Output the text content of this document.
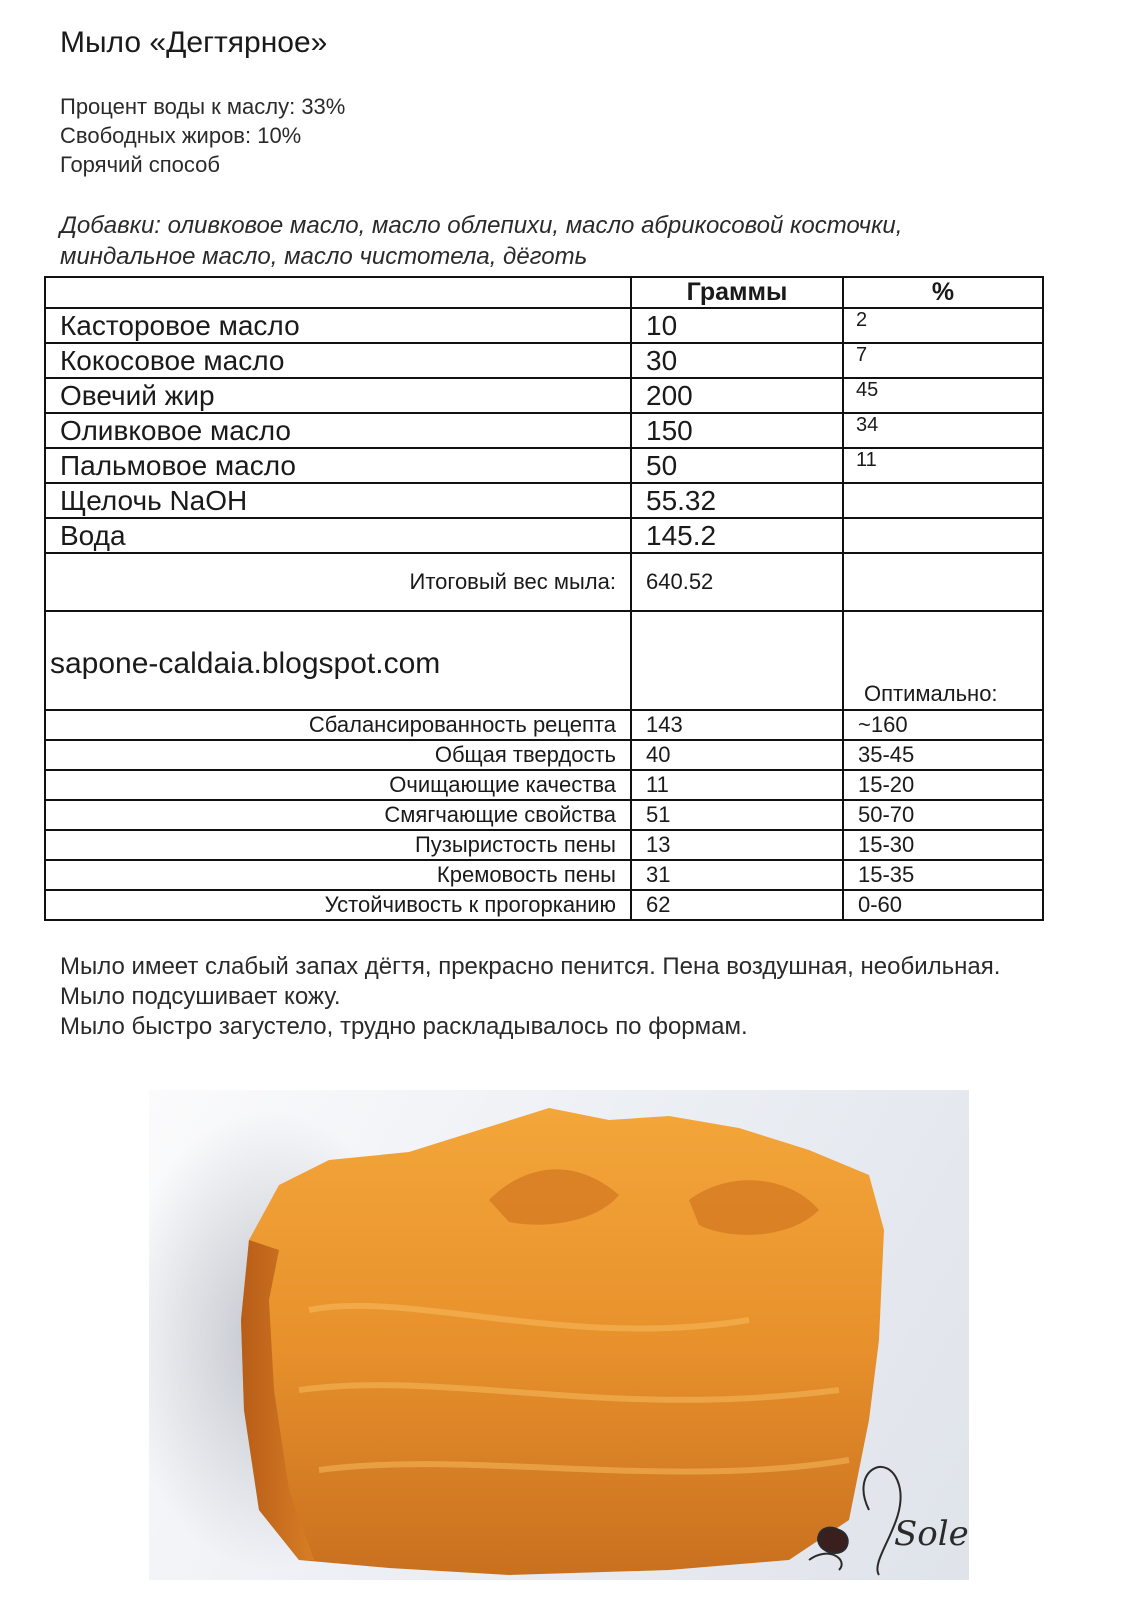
Мыло «Дегтярное»
Процент воды к маслу: 33%
Свободных жиров: 10%
Горячий способ
Добавки: оливковое масло, масло облепихи, масло абрикосовой косточки, миндальное масло, масло чистотела, дёготь
	Граммы	%
Касторовое масло	10	2
Кокосовое масло	30	7
Овечий жир	200	45
Оливковое масло	150	34
Пальмовое масло	50	11
Щелочь NaOH	55.32	
Вода	145.2	
Итоговый вес мыла:	640.52	
sapone-caldaia.blogspot.com		Оптимально:
Сбалансированность рецепта	143	~160
Общая твердость	40	35-45
Очищающие качества	11	15-20
Смягчающие свойства	51	50-70
Пузыристость пены	13	15-30
Кремовость пены	31	15-35
Устойчивость к прогорканию	62	0-60
Мыло имеет слабый запах дёгтя, прекрасно пенится. Пена воздушная, необильная. Мыло подсушивает кожу.
Мыло быстро загустело, трудно раскладывалось по формам.
Sole
